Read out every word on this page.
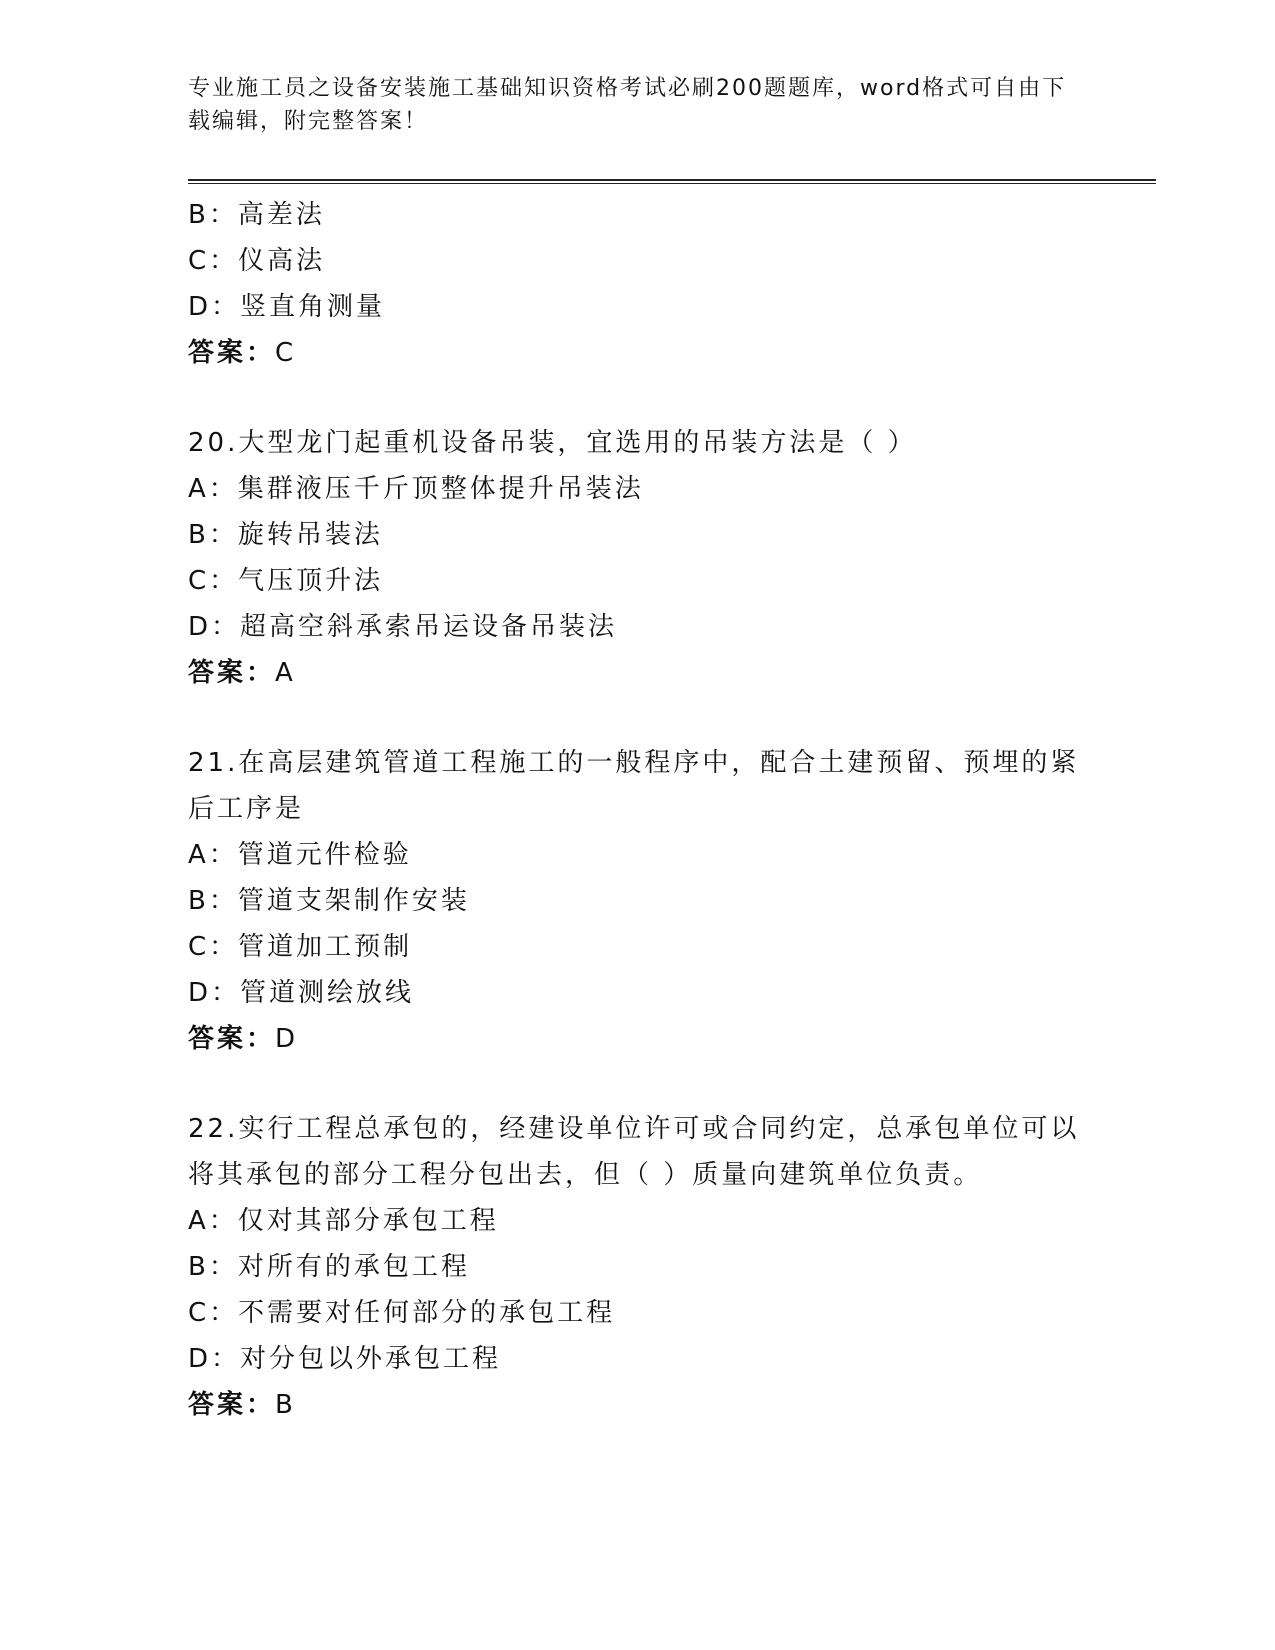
专业施工员之设备安装施工基础知识资格考试必刷200题题库，word格式可自由下载编辑，附完整答案！
B：高差法
C：仪高法
D：竖直角测量
答案：C
20.大型龙门起重机设备吊装，宜选用的吊装方法是（ ）
A：集群液压千斤顶整体提升吊装法
B：旋转吊装法
C：气压顶升法
D：超高空斜承索吊运设备吊装法
答案：A
21.在高层建筑管道工程施工的一般程序中，配合土建预留、预埋的紧后工序是
A：管道元件检验
B：管道支架制作安装
C：管道加工预制
D：管道测绘放线
答案：D
22.实行工程总承包的，经建设单位许可或合同约定，总承包单位可以将其承包的部分工程分包出去，但（ ）质量向建筑单位负责。
A：仅对其部分承包工程
B：对所有的承包工程
C：不需要对任何部分的承包工程
D：对分包以外承包工程
答案：B
